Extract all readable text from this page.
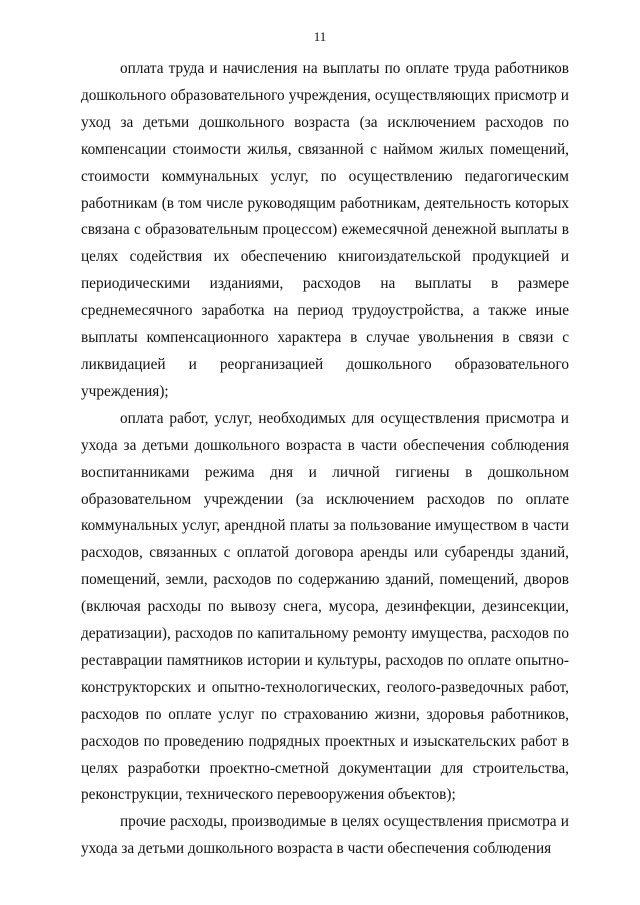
11

оплата труда и начисления на выплаты по оплате труда работников дошкольного образовательного учреждения, осуществляющих присмотр и уход за детьми дошкольного возраста (за исключением расходов по компенсации стоимости жилья, связанной с наймом жилых помещений, стоимости коммунальных услуг, по осуществлению педагогическим работникам (в том числе руководящим работникам, деятельность которых связана с образовательным процессом) ежемесячной денежной выплаты в целях содействия их обеспечению книгоиздательской продукцией и периодическими изданиями, расходов на выплаты в размере среднемесячного заработка на период трудоустройства, а также иные выплаты компенсационного характера в случае увольнения в связи с ликвидацией и реорганизацией дошкольного образовательного учреждения);

оплата работ, услуг, необходимых для осуществления присмотра и ухода за детьми дошкольного возраста в части обеспечения соблюдения воспитанниками режима дня и личной гигиены в дошкольном образовательном учреждении (за исключением расходов по оплате коммунальных услуг, арендной платы за пользование имуществом в части расходов, связанных с оплатой договора аренды или субаренды зданий, помещений, земли, расходов по содержанию зданий, помещений, дворов (включая расходы по вывозу снега, мусора, дезинфекции, дезинсекции, дератизации), расходов по капитальному ремонту имущества, расходов по реставрации памятников истории и культуры, расходов по оплате опытно-конструкторских и опытно-технологических, геолого-разведочных работ, расходов по оплате услуг по страхованию жизни, здоровья работников, расходов по проведению подрядных проектных и изыскательских работ в целях разработки проектно-сметной документации для строительства, реконструкции, технического перевооружения объектов);

прочие расходы, производимые в целях осуществления присмотра и ухода за детьми дошкольного возраста в части обеспечения соблюдения
